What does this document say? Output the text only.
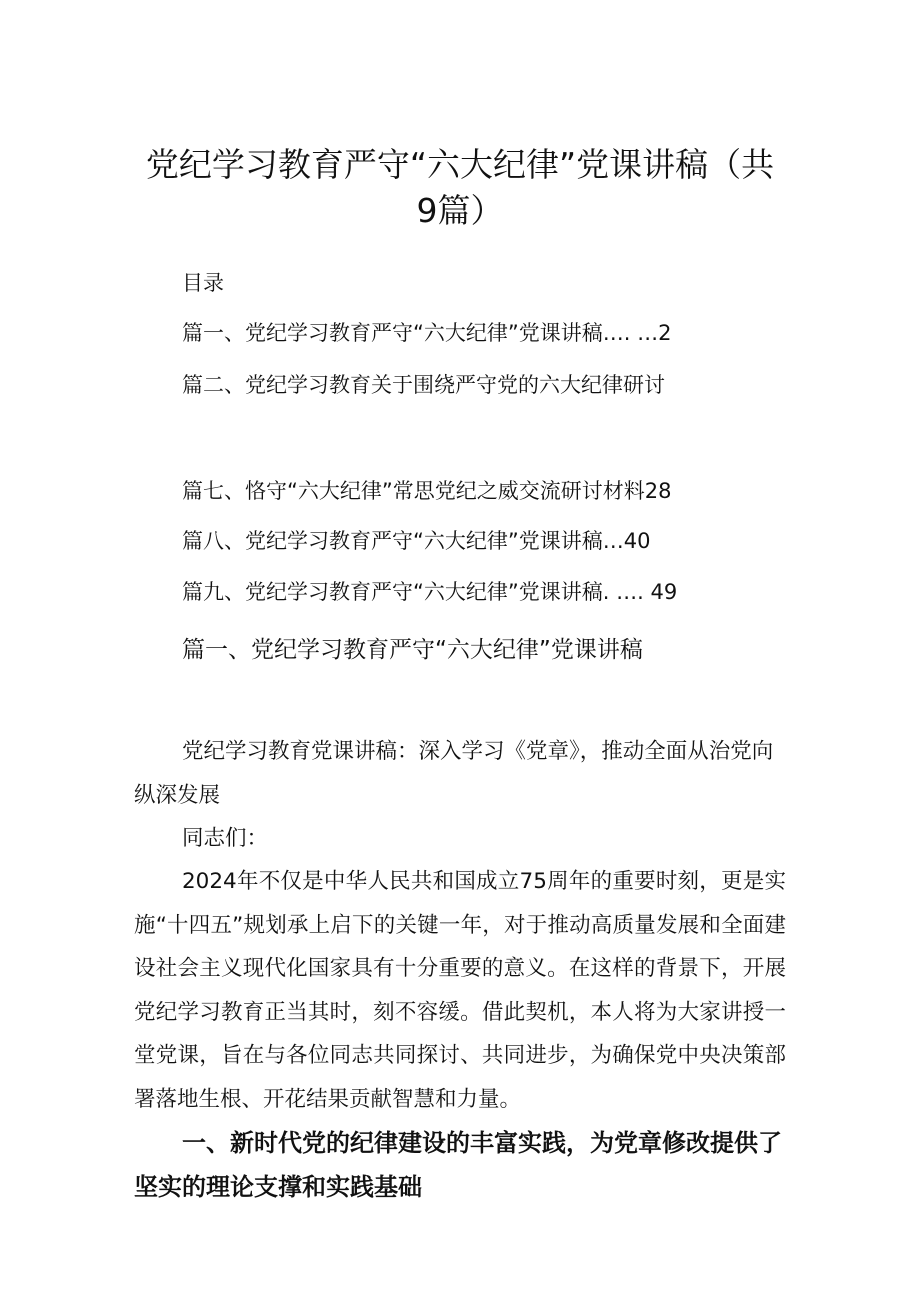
党纪学习教育严守“六大纪律”党课讲稿（共
9篇）
目录
篇一、党纪学习教育严守“六大纪律”党课讲稿…. …2
篇二、党纪学习教育关于围绕严守党的六大纪律研讨
篇七、恪守“六大纪律”常思党纪之威交流研讨材料28
篇八、党纪学习教育严守“六大纪律”党课讲稿…40
篇九、党纪学习教育严守“六大纪律”党课讲稿. …. 49
篇一、党纪学习教育严守“六大纪律”党课讲稿
党纪学习教育党课讲稿：深入学习《党章》，推动全面从治党向纵深发展
同志们：
2024年不仅是中华人民共和国成立75周年的重要时刻，更是实施“十四五”规划承上启下的关键一年，对于推动高质量发展和全面建设社会主义现代化国家具有十分重要的意义。在这样的背景下，开展党纪学习教育正当其时，刻不容缓。借此契机，本人将为大家讲授一堂党课，旨在与各位同志共同探讨、共同进步，为确保党中央决策部署落地生根、开花结果贡献智慧和力量。
一、新时代党的纪律建设的丰富实践，为党章修改提供了坚实的理论支撑和实践基础
